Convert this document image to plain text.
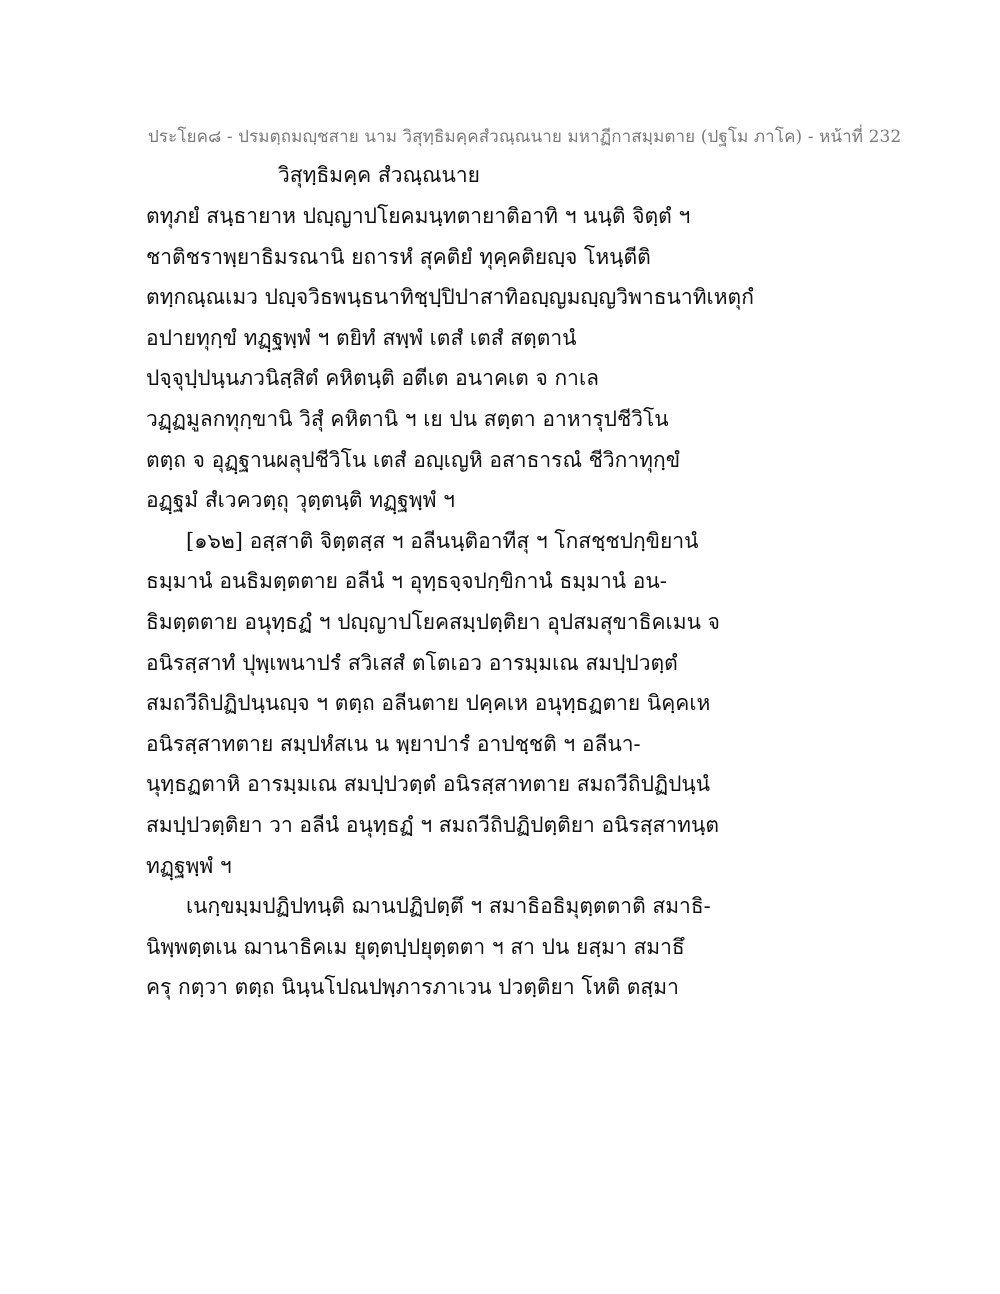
ประโยค๘ - ปรมตฺถมญฺชสาย นาม วิสุทฺธิมคฺคสํวณฺณนาย มหาฏีกาสมฺมตาย (ปฐโม ภาโค) - หน้าที่ 232
วิสุทฺธิมคฺค สํวณฺณนาย
ตทุภยํ สนฺธายาห ปญฺญาปโยคมนฺทตายาติอาทิ ฯ นนฺติ จิตฺตํ ฯ
ชาติชราพฺยาธิมรณานิ ยถารหํ สุคติยํ ทุคฺคติยญฺจ โหนฺตีติ
ตทฺกณฺณเมว ปญฺจวิธพนฺธนาทิชฺปฺปิปาสาทิอญฺญมญฺญวิพาธนาทิเหตุกํ
อปายทุกฺขํ ทฏฺฐพฺพํ ฯ ตยิทํ สพฺพํ เตสํ เตสํ สตฺตานํ
ปจฺจุปฺปนฺนภวนิสฺสิตํ คหิตนฺติ อตีเต อนาคเต จ กาเล
วฏฺฏมูลกทุกฺขานิ วิสุํ คหิตานิ ฯ เย ปน สตฺตา อาหารุปชีวิโน
ตตฺถ จ อุฏฺฐานผลุปชีวิโน เตสํ อญฺเญหิ อสาธารณํ ชีวิกาทุกฺขํ
อฏฺฐมํ สํเวควตฺถุ วุตฺตนฺติ ทฏฺฐพฺพํ ฯ
[๑๖๒] อสฺสาติ จิตฺตสฺส ฯ อลีนนฺติอาทีสุ ฯ โกสชฺชปกฺขิยานํ
ธมฺมานํ อนธิมตฺตตาย อลีนํ ฯ อุทฺธจฺจปกฺขิกานํ ธมฺมานํ อน-
ธิมตฺตตาย อนุทฺธฏํ ฯ ปญฺญาปโยคสมฺปตฺติยา อุปสมสุขาธิคเมน จ
อนิรสฺสาทํ ปุพฺเพนาปรํ สวิเสสํ ตโตเอว อารมฺมเณ สมปฺปวตฺตํ
สมถวีถิปฏิปนฺนญฺจ ฯ ตตฺถ อลีนตาย ปคฺคเห อนุทฺธฏตาย นิคฺคเห
อนิรสฺสาทตาย สมฺปหํสเน น พฺยาปารํ อาปชฺชติ ฯ อลีนา-
นุทฺธฏตาหิ อารมฺมเณ สมปฺปวตฺตํ อนิรสฺสาทตาย สมถวีถิปฏิปนฺนํ
สมปฺปวตฺติยา วา อลีนํ อนุทฺธฏํ ฯ สมถวีถิปฏิปตฺติยา อนิรสฺสาทนฺต
ทฏฺฐพฺพํ ฯ
เนกฺขมฺมปฏิปทนฺติ ฌานปฏิปตฺตึ ฯ สมาธิอธิมุตฺตตาติ สมาธิ-
นิพฺพตฺตเน ฌานาธิคเม ยุตฺตปฺปยุตฺตตา ฯ สา ปน ยสฺมา สมาธึ
ครุ กตฺวา ตตฺถ นินฺนโปณปพฺภารภาเวน ปวตฺติยา โหติ ตสฺมา
